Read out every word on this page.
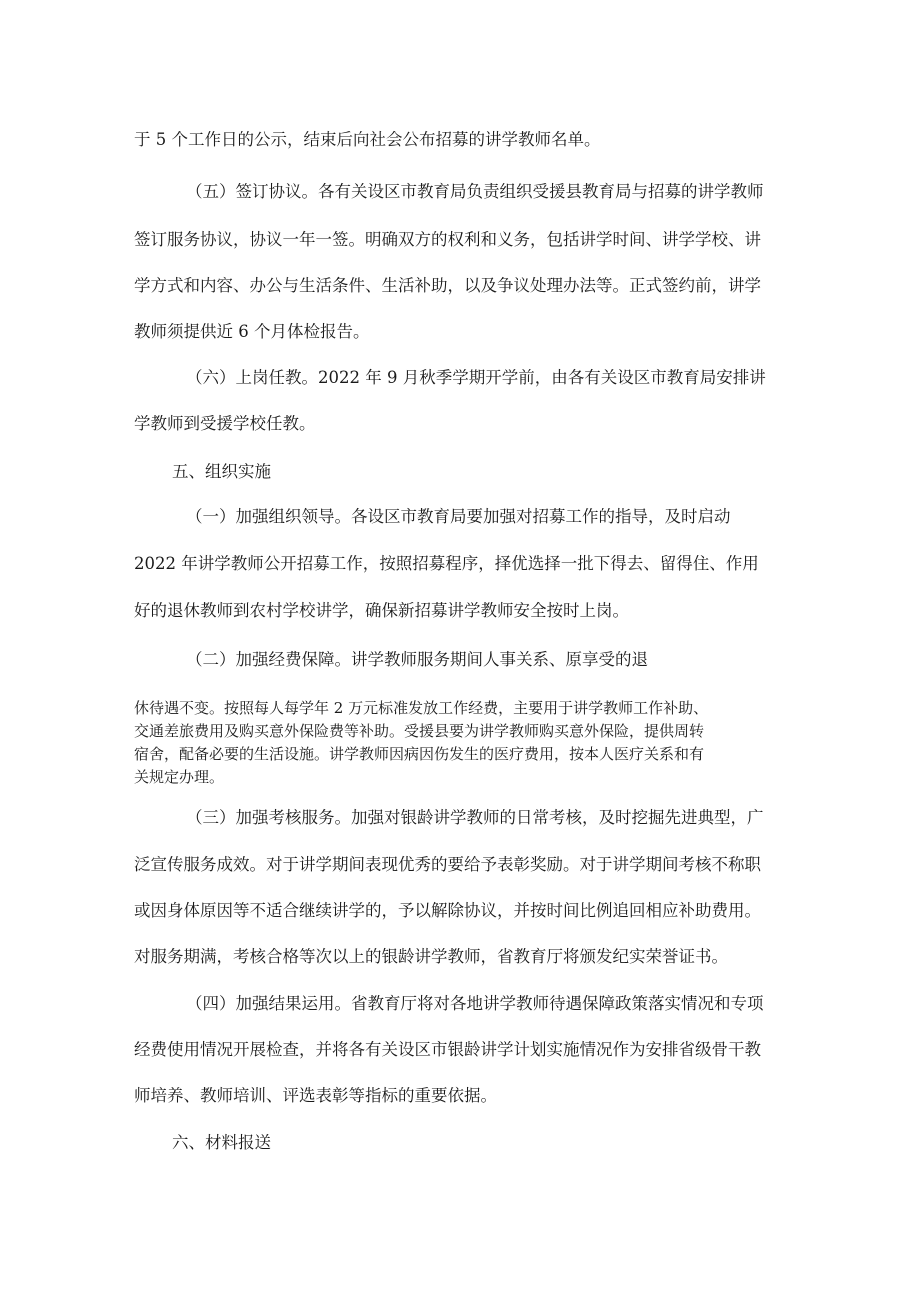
于 5 个工作日的公示，结束后向社会公布招募的讲学教师名单。
（五）签订协议。各有关设区市教育局负责组织受援县教育局与招募的讲学教师
签订服务协议，协议一年一签。明确双方的权利和义务，包括讲学时间、讲学学校、讲
学方式和内容、办公与生活条件、生活补助，以及争议处理办法等。正式签约前，讲学
教师须提供近 6 个月体检报告。
（六）上岗任教。2022 年 9 月秋季学期开学前，由各有关设区市教育局安排讲
学教师到受援学校任教。
五、组织实施
（一）加强组织领导。各设区市教育局要加强对招募工作的指导，及时启动
2022 年讲学教师公开招募工作，按照招募程序，择优选择一批下得去、留得住、作用
好的退休教师到农村学校讲学，确保新招募讲学教师安全按时上岗。
（二）加强经费保障。讲学教师服务期间人事关系、原享受的退
休待遇不变。按照每人每学年 2 万元标准发放工作经费，主要用于讲学教师工作补助、
交通差旅费用及购买意外保险费等补助。受援县要为讲学教师购买意外保险，提供周转
宿舍，配备必要的生活设施。讲学教师因病因伤发生的医疗费用，按本人医疗关系和有
关规定办理。
（三）加强考核服务。加强对银龄讲学教师的日常考核，及时挖掘先进典型，广
泛宣传服务成效。对于讲学期间表现优秀的要给予表彰奖励。对于讲学期间考核不称职
或因身体原因等不适合继续讲学的，予以解除协议，并按时间比例追回相应补助费用。
对服务期满，考核合格等次以上的银龄讲学教师，省教育厅将颁发纪实荣誉证书。
（四）加强结果运用。省教育厅将对各地讲学教师待遇保障政策落实情况和专项
经费使用情况开展检查，并将各有关设区市银龄讲学计划实施情况作为安排省级骨干教
师培养、教师培训、评选表彰等指标的重要依据。
六、材料报送
